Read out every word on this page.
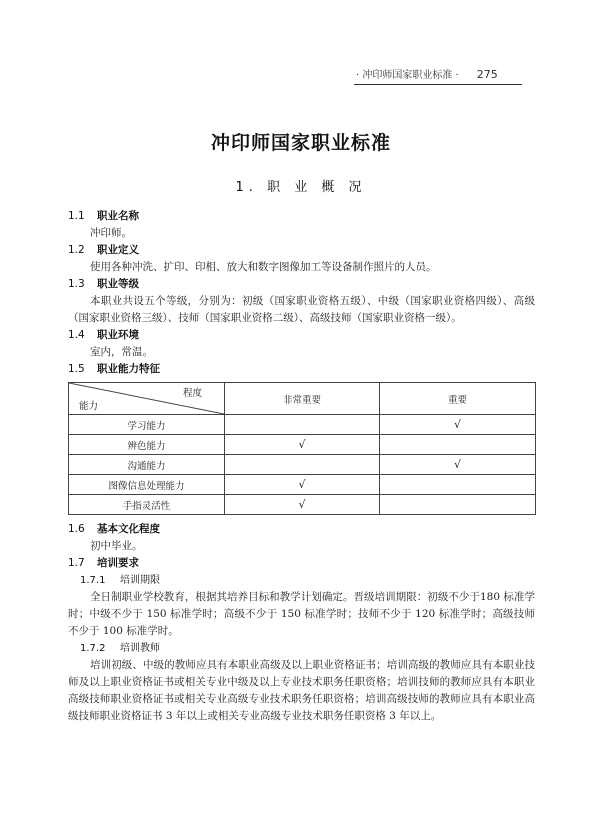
· 冲印师国家职业标准 · 275
冲印师国家职业标准
1. 职 业 概 况
1.1 职业名称
冲印师。
1.2 职业定义
使用各种冲洗、扩印、印相、放大和数字图像加工等设备制作照片的人员。
1.3 职业等级
本职业共设五个等级，分别为：初级（国家职业资格五级）、中级（国家职业资格四级）、高级（国家职业资格三级）、技师（国家职业资格二级）、高级技师（国家职业资格一级）。
1.4 职业环境
室内，常温。
1.5 职业能力特征
程度
能力	非常重要	重要
学习能力		√
辨色能力	√	
沟通能力		√
图像信息处理能力	√	
手指灵活性	√	
1.6 基本文化程度
初中毕业。
1.7 培训要求
1.7.1 培训期限
全日制职业学校教育，根据其培养目标和教学计划确定。晋级培训期限：初级不少于180 标准学时；中级不少于 150 标准学时；高级不少于 150 标准学时；技师不少于 120 标准学时；高级技师不少于 100 标准学时。
1.7.2 培训教师
培训初级、中级的教师应具有本职业高级及以上职业资格证书；培训高级的教师应具有本职业技师及以上职业资格证书或相关专业中级及以上专业技术职务任职资格；培训技师的教师应具有本职业高级技师职业资格证书或相关专业高级专业技术职务任职资格；培训高级技师的教师应具有本职业高级技师职业资格证书 3 年以上或相关专业高级专业技术职务任职资格 3 年以上。
